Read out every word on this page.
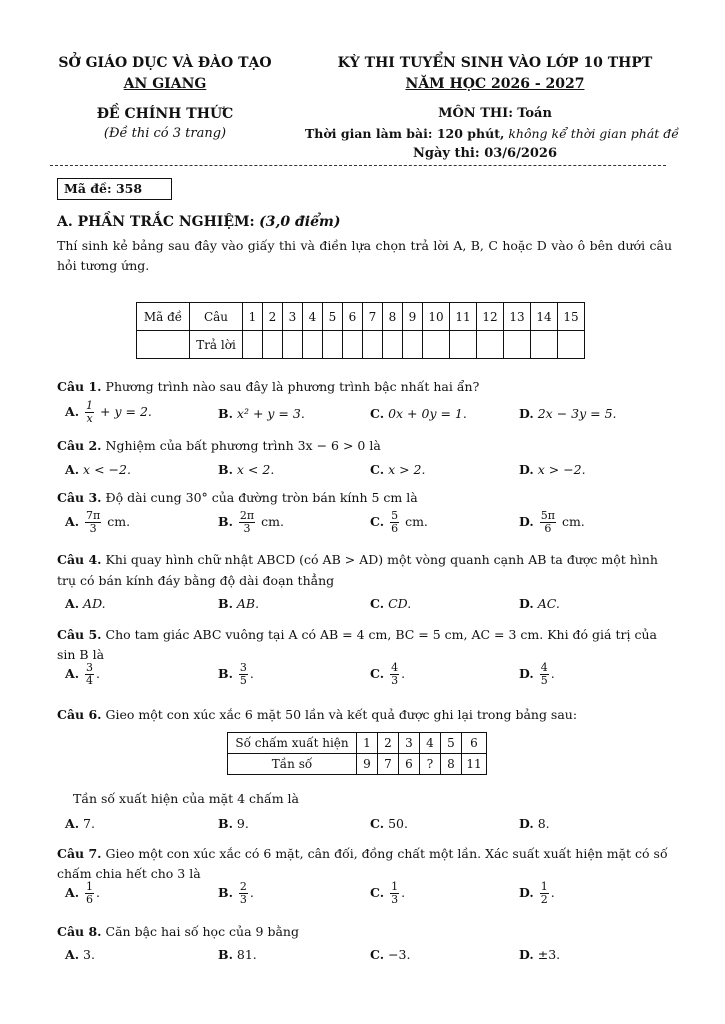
SỞ GIÁO DỤC VÀ ĐÀO TẠO
AN GIANG
ĐỀ CHÍNH THỨC
(Đề thi có 3 trang)
KỲ THI TUYỂN SINH VÀO LỚP 10 THPT
NĂM HỌC 2026 - 2027
MÔN THI: Toán
Thời gian làm bài: 120 phút, không kể thời gian phát đề
Ngày thi: 03/6/2026
Mã đề: 358
A. PHẦN TRẮC NGHIỆM: (3,0 điểm)
Thí sinh kẻ bảng sau đây vào giấy thi và điền lựa chọn trả lời A, B, C hoặc D vào ô bên dưới câu hỏi tương ứng.
Mã đề	Câu	1	2	3	4	5	6	7	8	9	10	11	12	13	14	15
	Trả lời															
Câu 1. Phương trình nào sau đây là phương trình bậc nhất hai ẩn?
A. $\frac{1}{x} + y = 2$.	B. x² + y = 3.	C. 0x + 0y = 1.	D. 2x − 3y = 5.
Câu 2. Nghiệm của bất phương trình 3x − 6 > 0 là
A. x < −2.	B. x < 2.	C. x > 2.	D. x > −2.
Câu 3. Độ dài cung 30° của đường tròn bán kính 5 cm là
A. $\frac{7\pi}{3}$ cm.	B. $\frac{2\pi}{3}$ cm.	C. $\frac{5}{6}$ cm.	D. $\frac{5\pi}{6}$ cm.
Câu 4. Khi quay hình chữ nhật ABCD (có AB > AD) một vòng quanh cạnh AB ta được một hình trụ có bán kính đáy bằng độ dài đoạn thẳng
A. AD.	B. AB.	C. CD.	D. AC.
Câu 5. Cho tam giác ABC vuông tại A có AB = 4 cm, BC = 5 cm, AC = 3 cm. Khi đó giá trị của sin B là
A. $\frac{3}{4}$ .	B. $\frac{3}{5}$ .	C. $\frac{4}{3}$ .	D. $\frac{4}{5}$ .
Câu 6. Gieo một con xúc xắc 6 mặt 50 lần và kết quả được ghi lại trong bảng sau:
Số chấm xuất hiện	1	2	3	4	5	6
Tần số	9	7	6	?	8	11
Tần số xuất hiện của mặt 4 chấm là
A. 7.	B. 9.	C. 50.	D. 8.
Câu 7. Gieo một con xúc xắc có 6 mặt, cân đối, đồng chất một lần. Xác suất xuất hiện mặt có số chấm chia hết cho 3 là
A. $\frac{1}{6}$ .	B. $\frac{2}{3}$ .	C. $\frac{1}{3}$ .	D. $\frac{1}{2}$ .
Câu 8. Căn bậc hai số học của 9 bằng
A. 3.	B. 81.	C. −3.	D. ±3.
